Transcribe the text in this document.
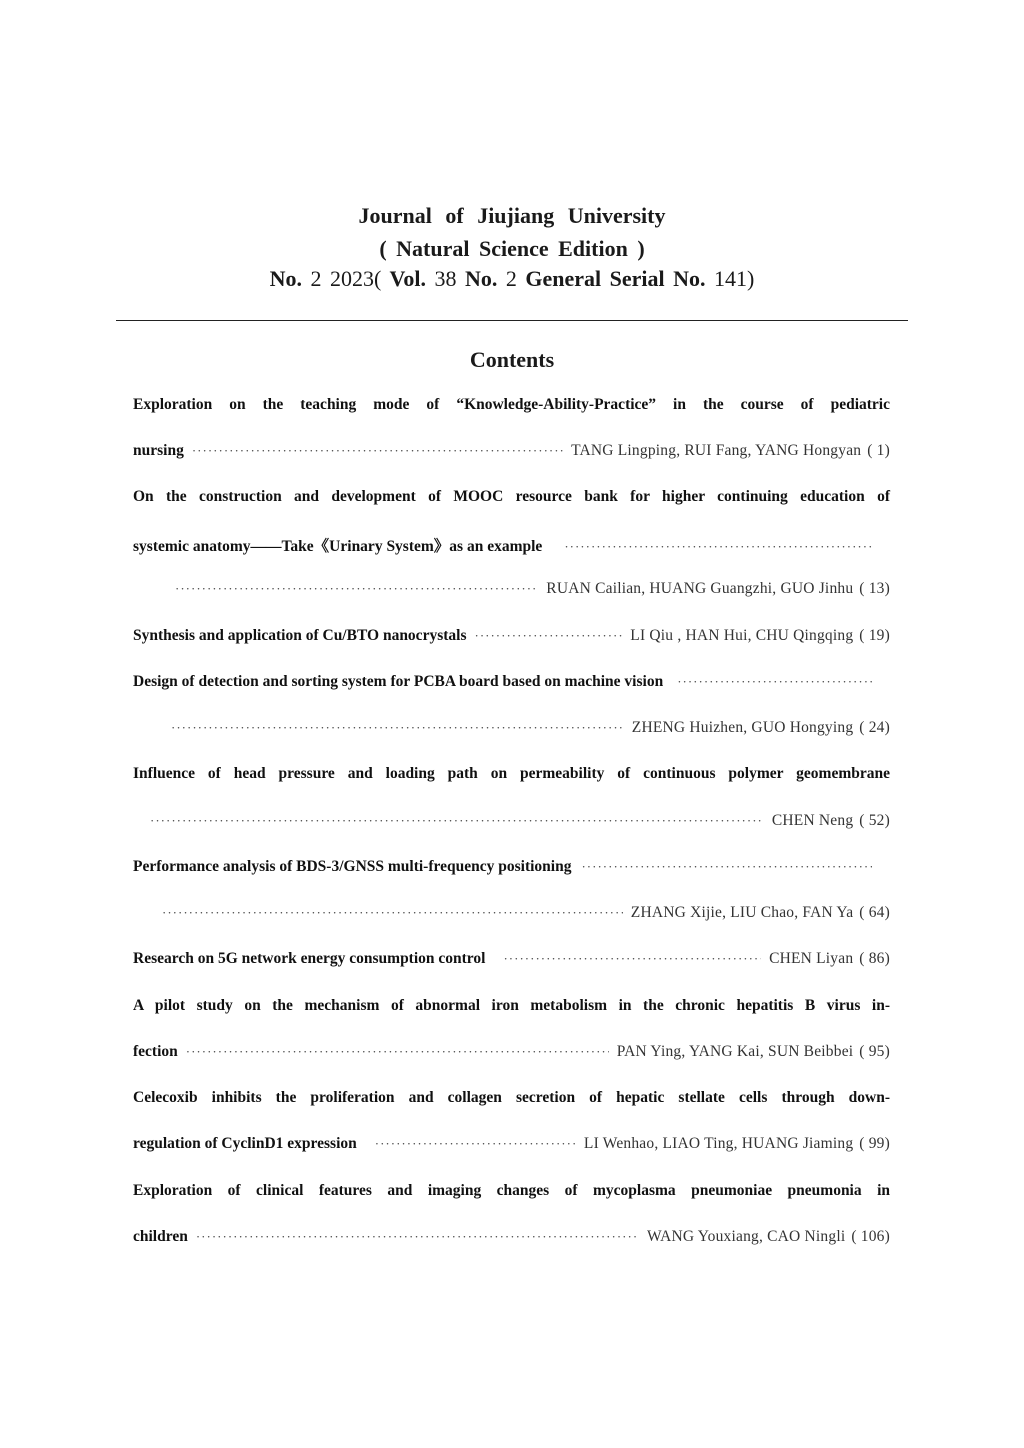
Journal of Jiujiang University
( Natural Science Edition )
No. 2 2023( Vol. 38 No. 2 General Serial No. 141)
Contents
Exploration on the teaching mode of “Knowledge-Ability-Practice” in the course of pediatric
nursing ·····	TANG Lingping, RUI Fang, YANG Hongyan ( 1)
On the construction and development of MOOC resource bank for higher continuing education of
systemic anatomy——Take《Urinary System》as an example
·····
·····
RUAN Cailian, HUANG Guangzhi, GUO Jinhu ( 13)
Synthesis and application of Cu/BTO nanocrystals ·····	LI Qiu , HAN Hui, CHU Qingqing ( 19)
Design of detection and sorting system for PCBA board based on machine vision
·····
·····
ZHENG Huizhen, GUO Hongying ( 24)
Influence of head pressure and loading path on permeability of continuous polymer geomembrane
·····
CHEN Neng ( 52)
Performance analysis of BDS-3/GNSS multi-frequency positioning
·····
·····
ZHANG Xijie, LIU Chao, FAN Ya ( 64)
Research on 5G network energy consumption control ·····	CHEN Liyan ( 86)
A pilot study on the mechanism of abnormal iron metabolism in the chronic hepatitis B virus in-
fection ·····	PAN Ying, YANG Kai, SUN Beibbei ( 95)
Celecoxib inhibits the proliferation and collagen secretion of hepatic stellate cells through down-
regulation of CyclinD1 expression ·····	LI Wenhao, LIAO Ting, HUANG Jiaming ( 99)
Exploration of clinical features and imaging changes of mycoplasma pneumoniae pneumonia in
children ·····	WANG Youxiang, CAO Ningli ( 106)
